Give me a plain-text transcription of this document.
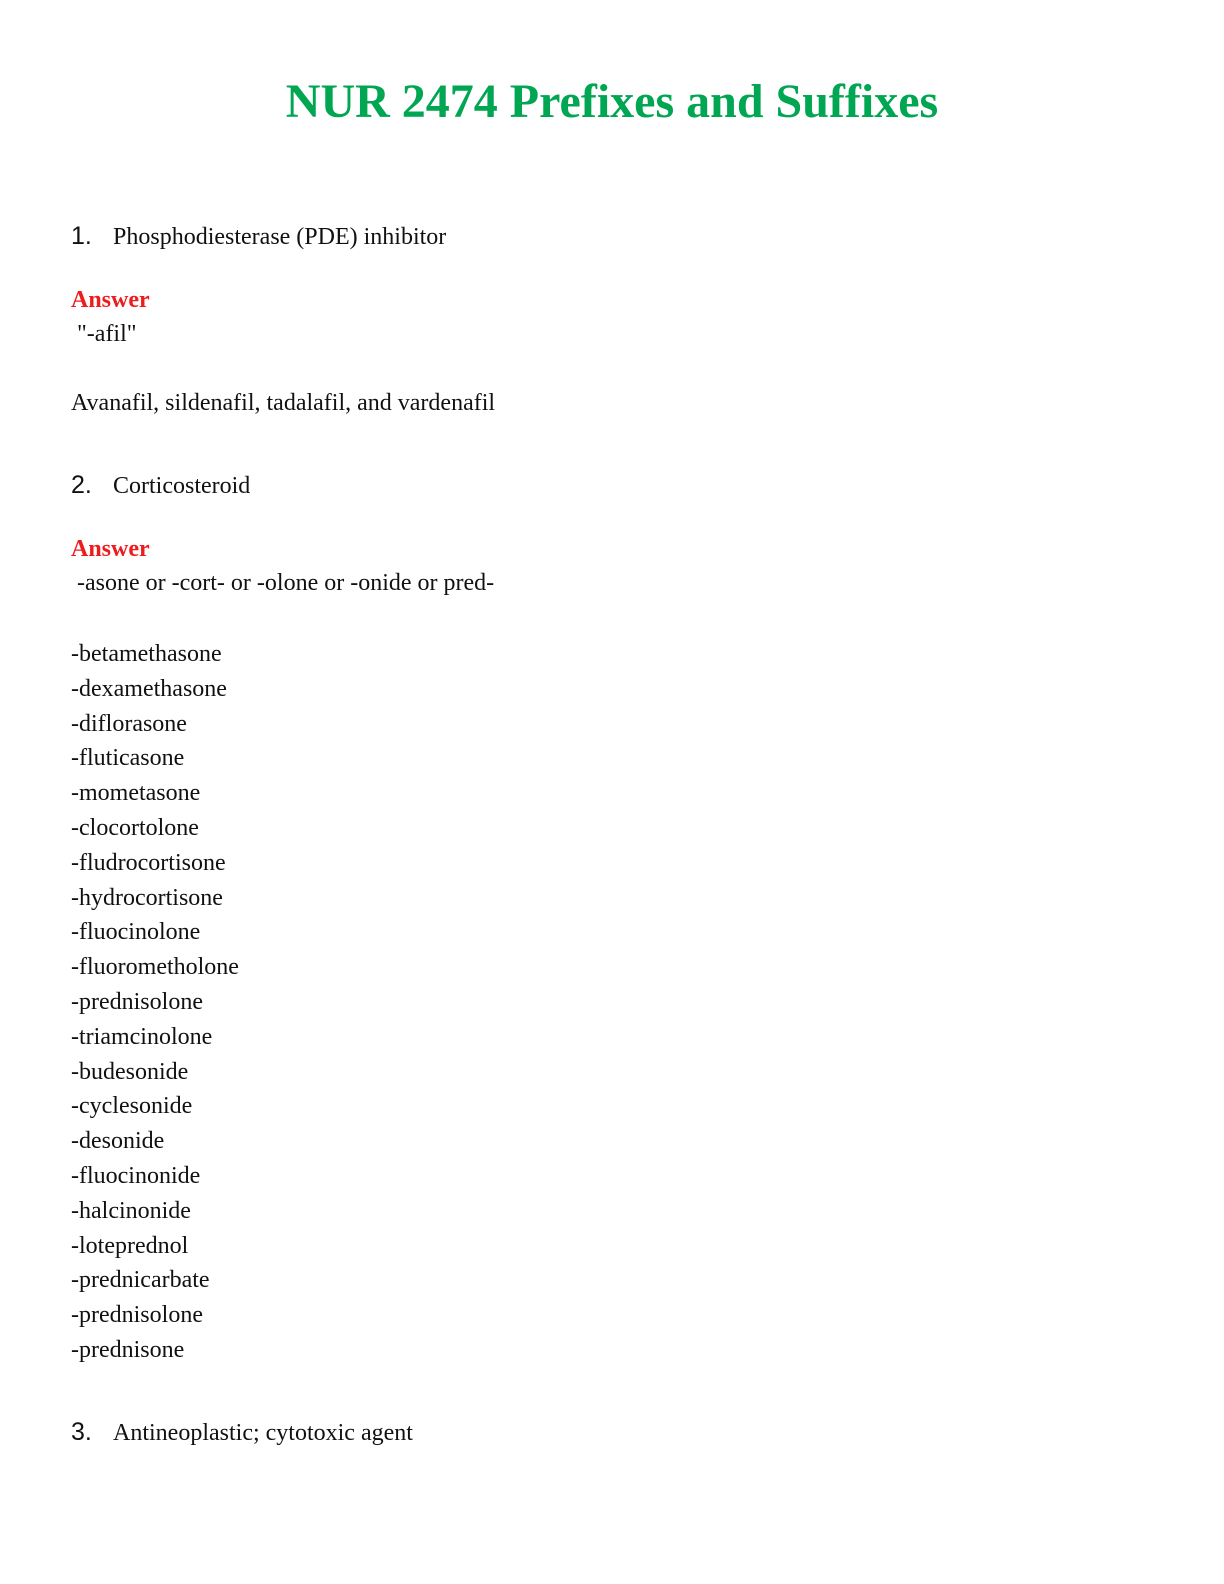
NUR 2474 Prefixes and Suffixes
1. Phosphodiesterase (PDE) inhibitor
Answer
"-afil"
Avanafil, sildenafil, tadalafil, and vardenafil
2. Corticosteroid
Answer
-asone or -cort- or -olone or -onide or pred-
-betamethasone
-dexamethasone
-diflorasone
-fluticasone
-mometasone
-clocortolone
-fludrocortisone
-hydrocortisone
-fluocinolone
-fluorometholone
-prednisolone
-triamcinolone
-budesonide
-cyclesonide
-desonide
-fluocinonide
-halcinonide
-loteprednol
-prednicarbate
-prednisolone
-prednisone
3. Antineoplastic; cytotoxic agent
